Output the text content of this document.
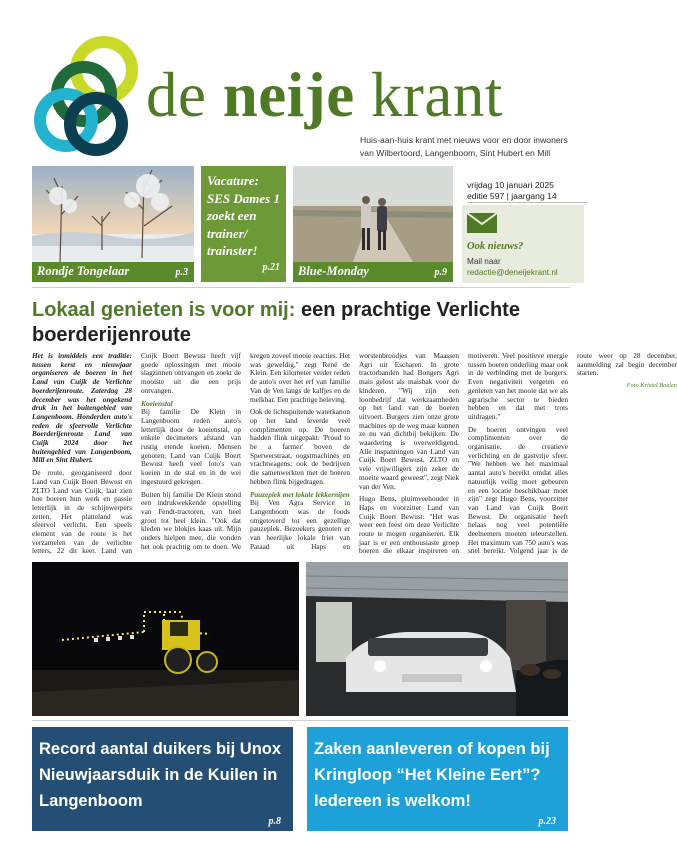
de neije krant
Huis-aan-huis krant met nieuws voor en door inwoners van Wilbertoord, Langenboom, Sint Hubert en Mill
Rondje Tongelaar	p.3
Vacature: SES Dames 1 zoekt een trainer/ trainster!
p.21 Blue-Monday	p.9
vrijdag 10 januari 2025
editie 597 | jaargang 14
Ook nieuws?
Mail naar
redactie@deneijekrant.nl
Lokaal genieten is voor mij: een prachtige Verlichte boerderijenroute

Het is inmiddels een traditie: tussen kerst en nieuwjaar organiseren de boeren in het Land van Cuijk de Verlichte boerderijenroute. Zaterdag 28 december was het ongekend druk in het buitengebied van Langenboom. Honderden auto's reden de sfeervolle Verlichte Boerderijenroute Land van Cuijk 2024 door het buitengebied van Langenboom, Mill en Sint Hubert.

De route, georganiseerd door Land van Cuijk Boert Bewust en ZLTO Land van Cuijk, laat zien hoe boeren hun werk en passie letterlijk in de schijnwerpers zetten. Het platteland was sfeervol verlicht. Een speels element van de route is het verzamelen van de verlichte letters, 22 dit keer. Land van Cuijk Boert Bewust heeft vijf goede oplossingen met mooie slagzinnen ontvangen en zoekt de mooiste uit die een prijs ontvangen.

Koeienstal

Bij familie De Klein in Langenboom reden auto's letterlijk door de koeienstal, op enkele decimeters afstand van rustig etende koeien. Mensen genoten; Land van Cuijk Boert Bewust heeft veel foto's van koeien in de stal en in de wei ingestuurd gekregen.

Buiten bij familie De Klein stond een indrukwekkende opstelling van Fendt-tractoren, van heel groot tot heel klein. "Ook dat kleden we blokjes kaas uit. Mijn ouders hielpen mee, die vonden het ook prachtig om te doen. We kregen zoveel mooie reacties. Het was geweldig," zegt René de Klein. Een kilometer verder reden de auto's over het erf van familie Van de Ven langs de kalfjes en de melkbar. Een prachtige beleving.

Ook de lichtspuitende waterkanon op het land leverde veel complimenten op. De boeren hadden flink uitgepakt: 'Proud to be a farmer' boven de Sperwerstraat, oogstmachines en vrachtwagens; ook de bedrijven die samenwerkten met de boeren hebben flink bijgedragen.

Pauzeplek met lokale lekkernijen

Bij Ven Agra Service in Langenboom was de foods omgetoverd tot een gezellige pauzeplek. Bezoekers genoten er van heerlijke lokale friet van Pataad uit Haps en worstenbroodjes van Maassen Agri uit Escharen. In grote tractorbanden had Bongers Agri mais gelost als maisbak voor de kinderen. "Wij zijn een loonbedrijf dat werkzaamheden op het land van de boeren uitvoert. Burgers zien onze grote machines op de weg maar kunnen ze nu van dichtbij bekijken. De waardering is overweldigend. Alle inspanningen van Land van Cuijk Boert Bewust, ZLTO en vele vrijwilligers zijn zeker de moeite waard geweest", zegt Niek van der Ven.

Hugo Bens, pluimveehouder in Haps en voorzitter Land van Cuijk Boert Bewust: "Het was weer een feest om deze Verlichte route te mogen organiseren. Elk jaar is er een enthousiaste groep boeren die elkaar inspireren en motiveren. Veel positieve energie tussen boeren onderling maar ook in de verbinding met de burgers. Even negativiteit vergeten en genieten van het mooie dat we als agrarische sector te bieden hebben en dat met trots uitdragen."

De boeren ontvingen veel complimenten over de organisatie, de creatieve verlichting en de gastvrije sfeer. "We hebben we het maximaal aantal auto's bereikt omdat alles natuurlijk veilig moet gebeuren en een locatie beschikbaar moet zijn" zegt Hugo Bens, voorzitter van Land van Cuijk Boert Bewust. De organisatie heeft helaas nog veel potentiële deelnemers moeten teleurstellen. Het maximum van 750 auto's was snel bereikt. Volgend jaar is de route weer op 28 december, aanmelding zal begin december starten.

Foto Kristel Boelen

Record aantal duikers bij Unox Nieuwjaarsduik in de Kuilen in Langenboom
p.8
Zaken aanleveren of kopen bij Kringloop “Het Kleine Eert”? Iedereen is welkom!
p.23
